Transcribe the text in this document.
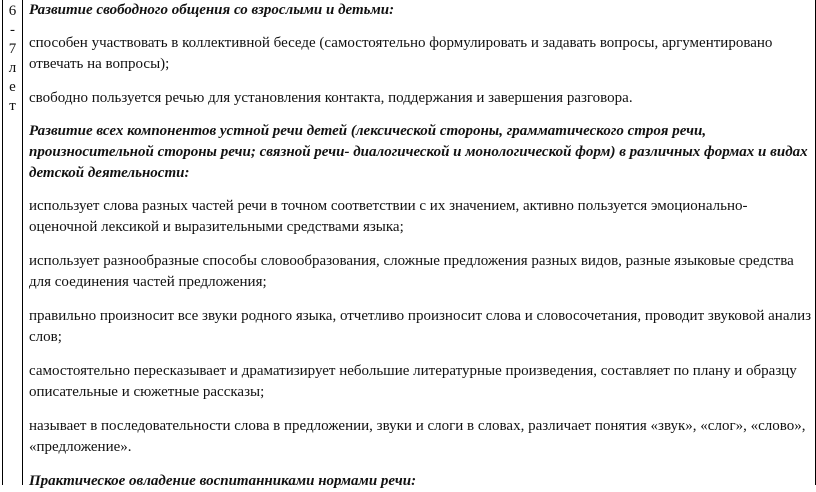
6
-
7
л
е
т

Развитие свободного общения со взрослыми и детьми:

способен участвовать в коллективной беседе (самостоятельно формулировать и задавать вопросы, аргументировано отвечать на вопросы);

свободно пользуется речью для установления контакта, поддержания и завершения разговора.

Развитие всех компонентов устной речи детей (лексической стороны, грамматического строя речи, произносительной стороны речи; связной речи- диалогической и монологической форм) в различных формах и видах детской деятельности:

использует слова разных частей речи в точном соответствии с их значением, активно пользуется эмоционально-оценочной лексикой и выразительными средствами языка;

использует разнообразные способы словообразования, сложные предложения разных видов, разные языковые средства для соединения частей предложения;

правильно произносит все звуки родного языка, отчетливо произносит слова и словосочетания, проводит звуковой анализ слов;

самостоятельно пересказывает и драматизирует небольшие литературные произведения, составляет по плану и образцу описательные и сюжетные рассказы;

называет в последовательности слова в предложении, звуки и слоги в словах, различает понятия «звук», «слог», «слово», «предложение».

Практическое овладение воспитанниками нормами речи:
